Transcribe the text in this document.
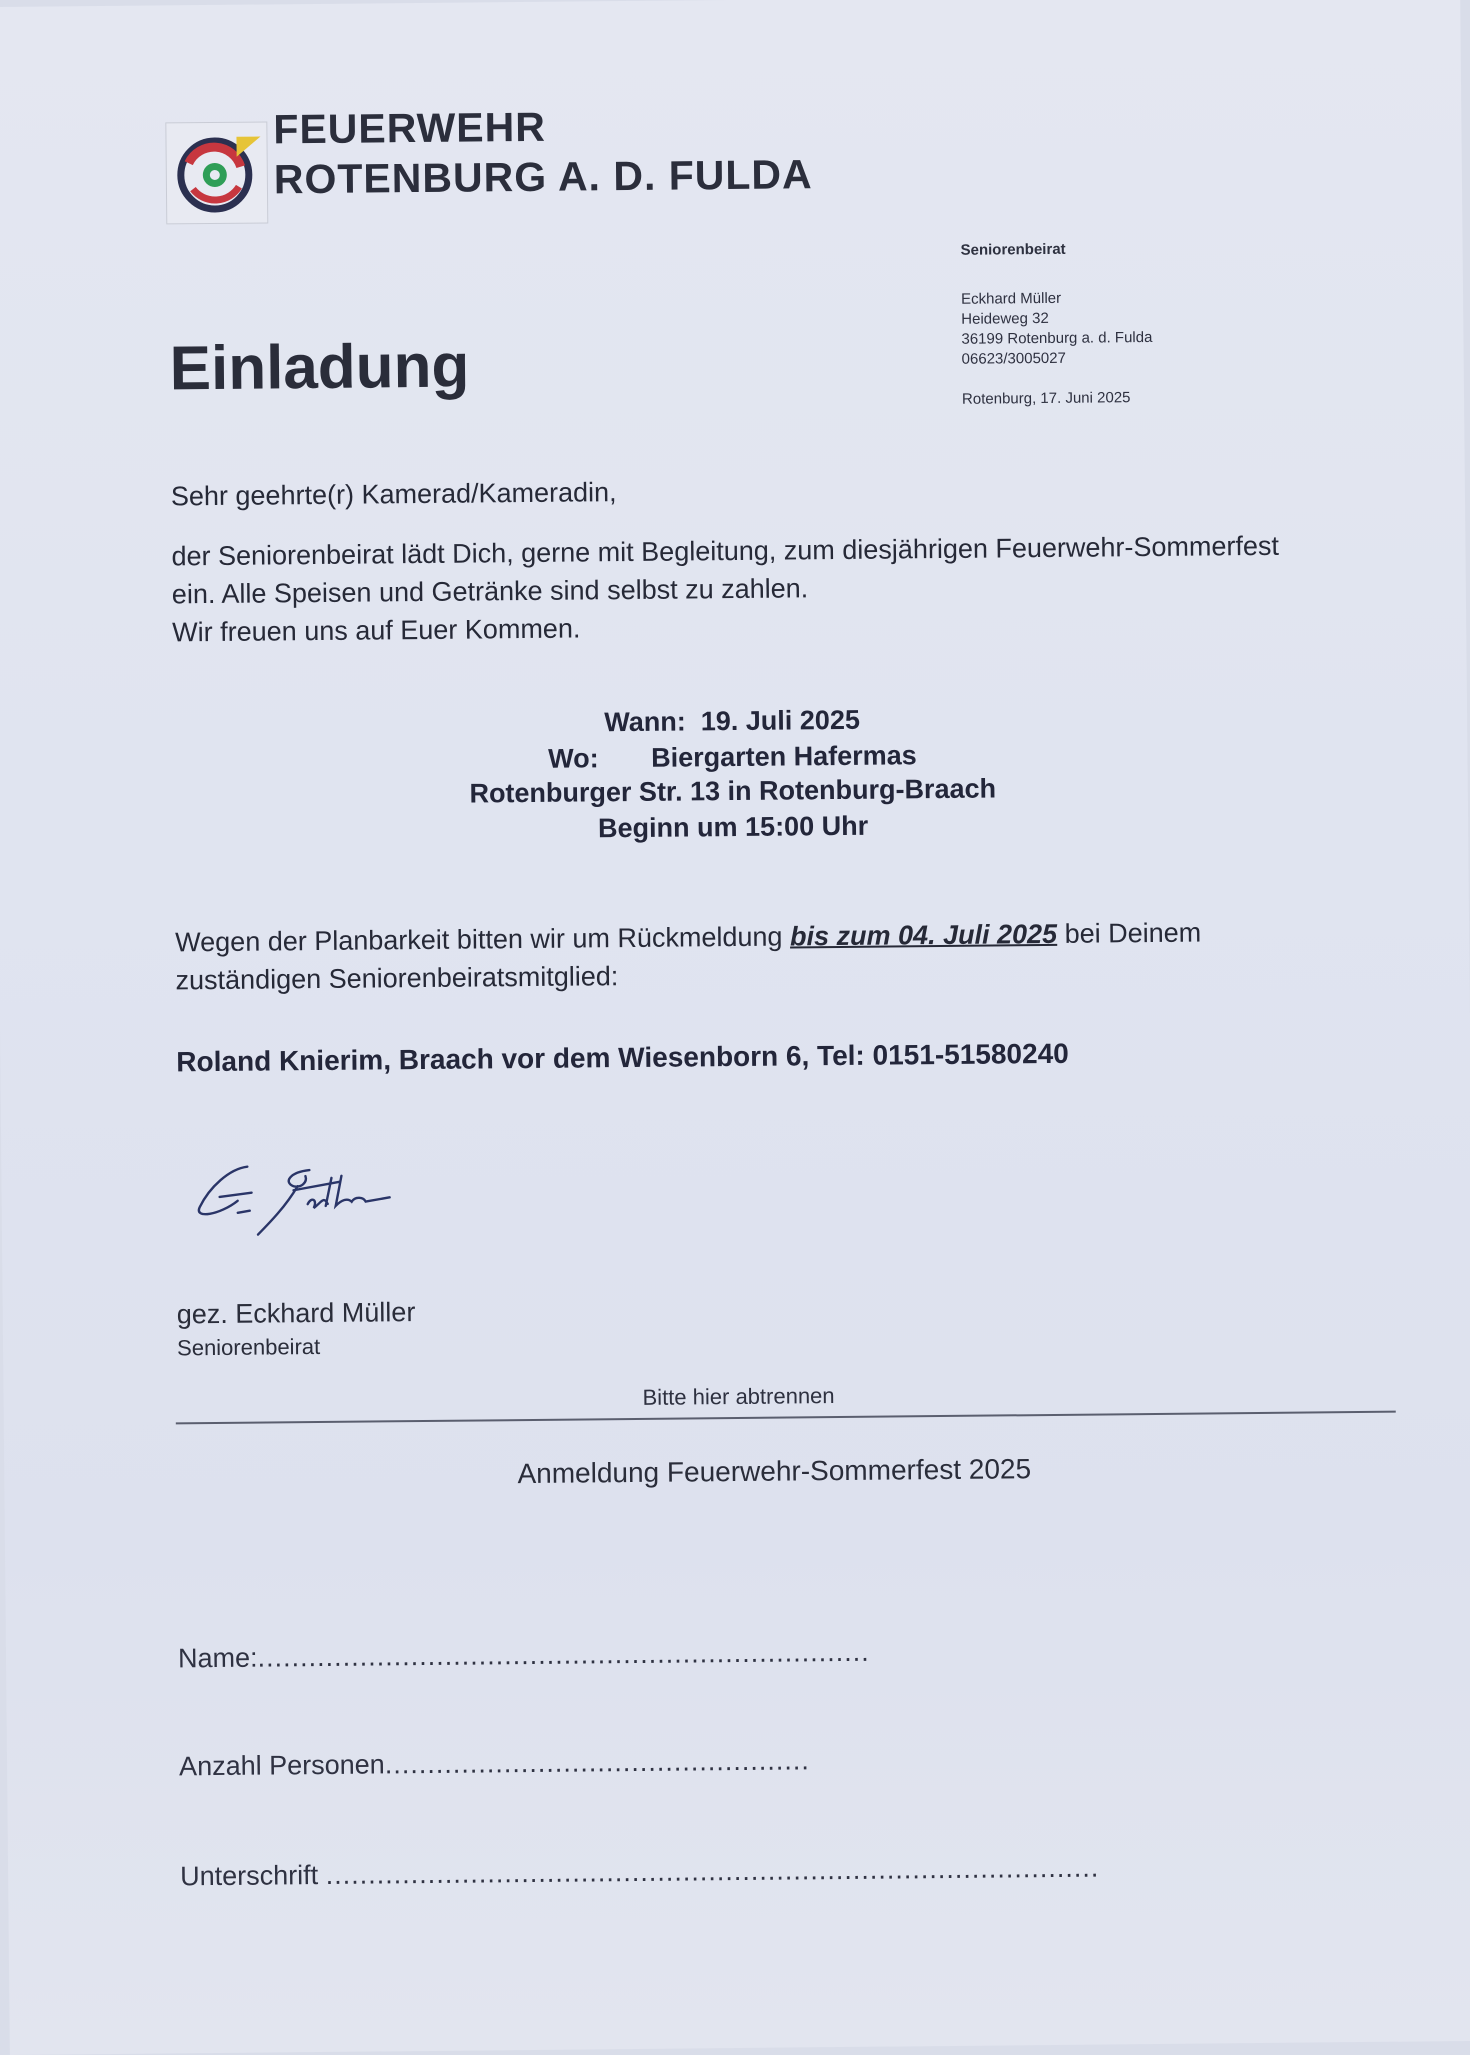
FEUERWEHR
ROTENBURG A. D. FULDA
Seniorenbeirat
Eckhard Müller
Heideweg 32
36199 Rotenburg a. d. Fulda
06623/3005027
Rotenburg, 17. Juni 2025
Einladung
Sehr geehrte(r) Kamerad/Kameradin,
der Seniorenbeirat lädt Dich, gerne mit Begleitung, zum diesjährigen Feuerwehr-Sommerfest
ein. Alle Speisen und Getränke sind selbst zu zahlen.
Wir freuen uns auf Euer Kommen.
Wann: 19. Juli 2025
Wo: Biergarten Hafermas
Rotenburger Str. 13 in Rotenburg-Braach
Beginn um 15:00 Uhr
Wegen der Planbarkeit bitten wir um Rückmeldung bis zum 04. Juli 2025 bei Deinem
zuständigen Seniorenbeiratsmitglied:
Roland Knierim, Braach vor dem Wiesenborn 6, Tel: 0151-51580240
gez. Eckhard Müller
Seniorenbeirat
Bitte hier abtrennen
Anmeldung Feuerwehr-Sommerfest 2025
Name:........................................................................
Anzahl Personen..................................................
Unterschrift ...........................................................................................
